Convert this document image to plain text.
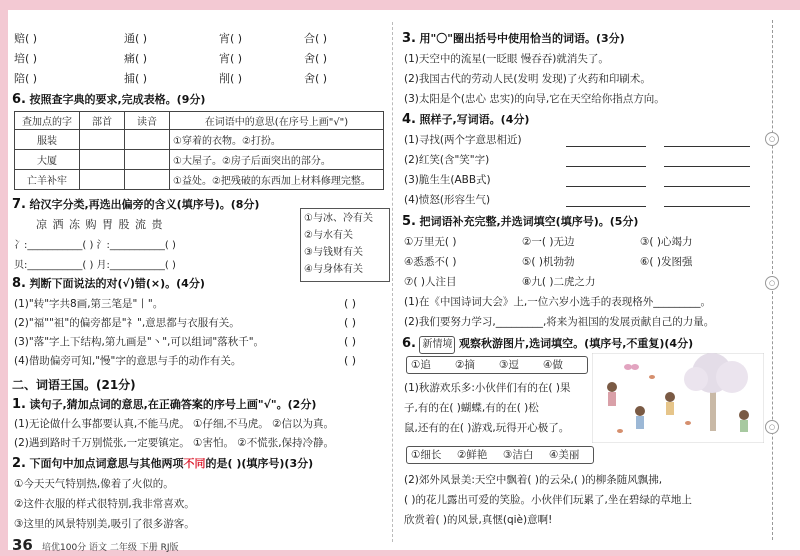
○
○
○
赔( )	通( )	宵( )	合( )
培( )	痛( )	宵( )	舍( )
陪( )	捕( )	削( )	舍( )
6. 按照查字典的要求,完成表格。(9分)
查加点的字	部首	读音	在词语中的意思(在序号上画"√")
服装			①穿着的衣物。②打扮。
大厦			①大屋子。②房子后面突出的部分。
亡羊补牢			①益处。②把残破的东西加上材料修理完整。
7. 给汉字分类,再选出偏旁的含义(填序号)。(8分)
凉 洒 冻 购 胃 股 流 贵
冫:___________( ) 氵:___________( )
贝:___________( ) 月:___________( )
①与冰、冷有关
②与水有关
③与钱财有关
④与身体有关
8. 判断下面说法的对(√)错(×)。(4分)
(1)"转"字共8画,第三笔是"丨"。	( )
(2)"福""祖"的偏旁都是"礻",意思都与衣服有关。	( )
(3)"落"字上下结构,第九画是"丶",可以组词"落秋千"。	( )
(4)借助偏旁可知,"慢"字的意思与手的动作有关。	( )
二、词语王国。(21分)
1. 读句子,猜加点词的意思,在正确答案的序号上画"√"。(2分)
(1)无论做什么事都要认真,不能马虎。 ①仔细,不马虎。 ②信以为真。
(2)遇到路时千万别慌张,一定要镇定。 ①害怕。 ②不慌张,保持冷静。
2. 下面句中加点词意思与其他两项不同的是( )(填序号)(3分)
①今天天气特别热,像着了火似的。
②这件衣服的样式很特别,我非常喜欢。
③这里的风景特别美,吸引了很多游客。
36 培优100分 语文 二年级 下册 RJ版
3. 用"〇"圈出括号中使用恰当的词语。(3分)
(1)天空中的流星(一眨眼 慢吞吞)就消失了。
(2)我国古代的劳动人民(发明 发现)了火药和印刷术。
(3)太阳是个(忠心 忠实)的向导,它在天空给你指点方向。
4. 照样子,写词语。(4分)
(1)寻找(两个字意思相近)
(2)红笑(含"笑"字)
(3)脆生生(ABB式)
(4)愤怒(形容生气)
5. 把词语补充完整,并选词填空(填序号)。(5分)
①万里无( )	②一( )无边	③( )心竭力
④悉悉不( )	⑤( )机勃勃	⑥( )发图强
⑦( )人注目	⑧九( )二虎之力
(1)在《中国诗词大会》上,一位六岁小选手的表现格外_________。
(2)我们要努力学习,_________,将来为祖国的发展贡献自己的力量。
6. 新情境 观察秋游图片,选词填空。(填序号,不重复)(4分)
①追 ②摘 ③逗 ④做
(1)秋游欢乐多:小伙伴们有的在( )果
子,有的在( )蝴蝶,有的在( )松
鼠,还有的在( )游戏,玩得开心极了。
①细长 ②鲜艳 ③洁白 ④美丽
(2)郊外风景美:天空中飘着( )的云朵,( )的柳条随风飘拂,
( )的花儿露出可爱的笑脸。小伙伴们玩累了,坐在碧绿的草地上
欣赏着( )的风景,真惬(qiè)意啊!
